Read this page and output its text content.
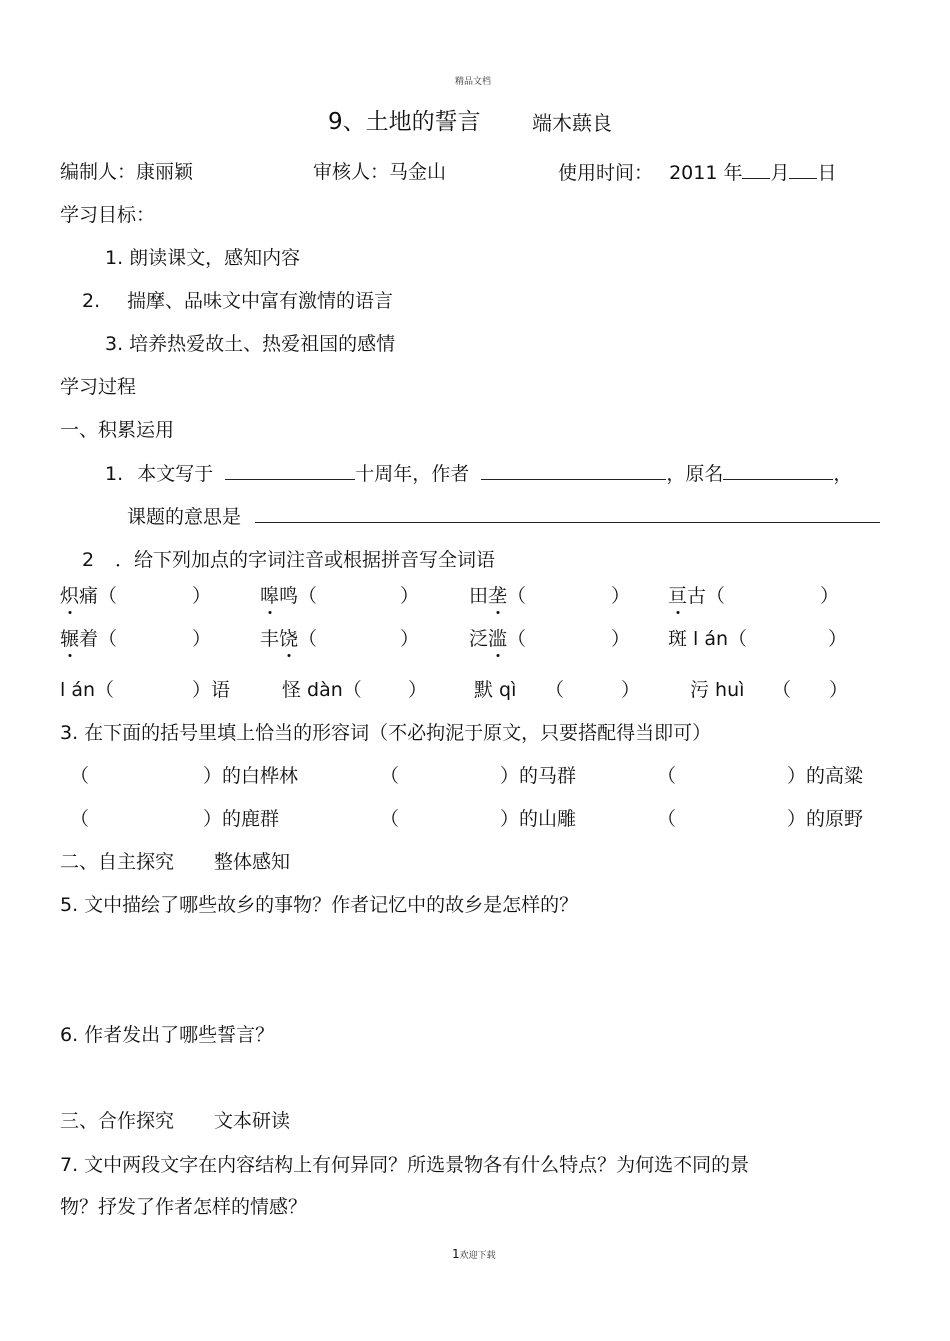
精品文档
9、土地的誓言	端木蕻良
编制人：康丽颖	审核人：马金山	使用时间： 2011 年 月 日
学习目标：
1. 朗读课文，感知内容
2. 揣摩、品味文中富有激情的语言
3. 培养热爱故土、热爱祖国的感情
学习过程
一、积累运用
1. 本文写于	十周年，作者	，原名	，
课题的意思是
2 ．给下列加点的字词注音或根据拼音写全词语
炽痛（	）	嗥鸣（	）	田垄（	） 亘古（	）
辗着（	）	丰饶（	）	泛滥（	） 斑 l án（	）
l án（	）语	怪 dàn（ ） 默 qì （　　　）	污 huì （　　）
3. 在下面的括号里填上恰当的形容词（不必拘泥于原文，只要搭配得当即可）
（	）的白桦林	（	）的马群	（	）的高粱
（	）的鹿群	（	）的山雕	（	）的原野
二、自主探究 整体感知
5. 文中描绘了哪些故乡的事物？作者记忆中的故乡是怎样的？
6. 作者发出了哪些誓言？
三、合作探究 文本研读
7. 文中两段文字在内容结构上有何异同？所选景物各有什么特点？为何选不同的景
物？抒发了作者怎样的情感？
1欢迎下载
